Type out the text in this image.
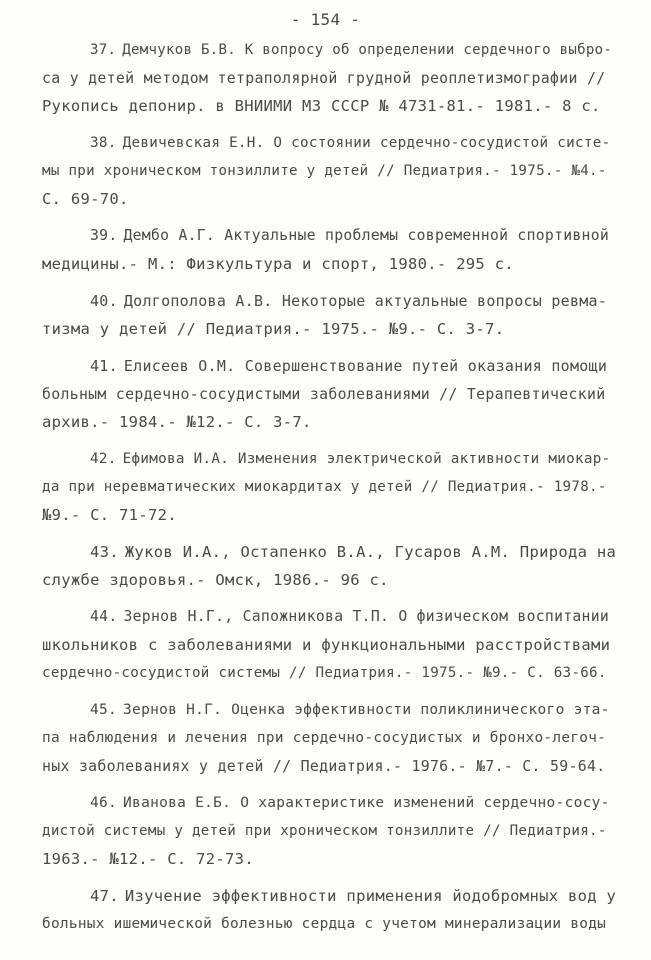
- 154 -
37. Демчуков Б.В. К вопросу об определении сердечного выбро-
са у детей методом тетраполярной грудной реоплетизмографии //
Рукопись депонир. в ВНИИМИ МЗ СССР № 4731-81.- 1981.- 8 с.
38. Девичевская Е.Н. О состоянии сердечно-сосудистой систе-
мы при хроническом тонзиллите у детей // Педиатрия.- 1975.- №4.-
С. 69-70.
39. Дембо А.Г. Актуальные проблемы современной спортивной
медицины.- М.: Физкультура и спорт, 1980.- 295 с.
40. Долгополова А.В. Некоторые актуальные вопросы ревма-
тизма у детей // Педиатрия.- 1975.- №9.- С. 3-7.
41. Елисеев О.М. Совершенствование путей оказания помощи
больным сердечно-сосудистыми заболеваниями // Терапевтический
архив.- 1984.- №12.- С. 3-7.
42. Ефимова И.А. Изменения электрической активности миокар-
да при неревматических миокардитах у детей // Педиатрия.- 1978.-
№9.- С. 71-72.
43. Жуков И.А., Остапенко В.А., Гусаров А.М. Природа на
службе здоровья.- Омск, 1986.- 96 с.
44. Зернов Н.Г., Сапожникова Т.П. О физическом воспитании
школьников с заболеваниями и функциональными расстройствами
сердечно-сосудистой системы // Педиатрия.- 1975.- №9.- С. 63-66.
45. Зернов Н.Г. Оценка эффективности поликлинического эта-
па наблюдения и лечения при сердечно-сосудистых и бронхо-легоч-
ных заболеваниях у детей // Педиатрия.- 1976.- №7.- С. 59-64.
46. Иванова Е.Б. О характеристике изменений сердечно-сосу-
дистой системы у детей при хроническом тонзиллите // Педиатрия.-
1963.- №12.- С. 72-73.
47. Изучение эффективности применения йодобромных вод у
больных ишемической болезнью сердца с учетом минерализации воды
